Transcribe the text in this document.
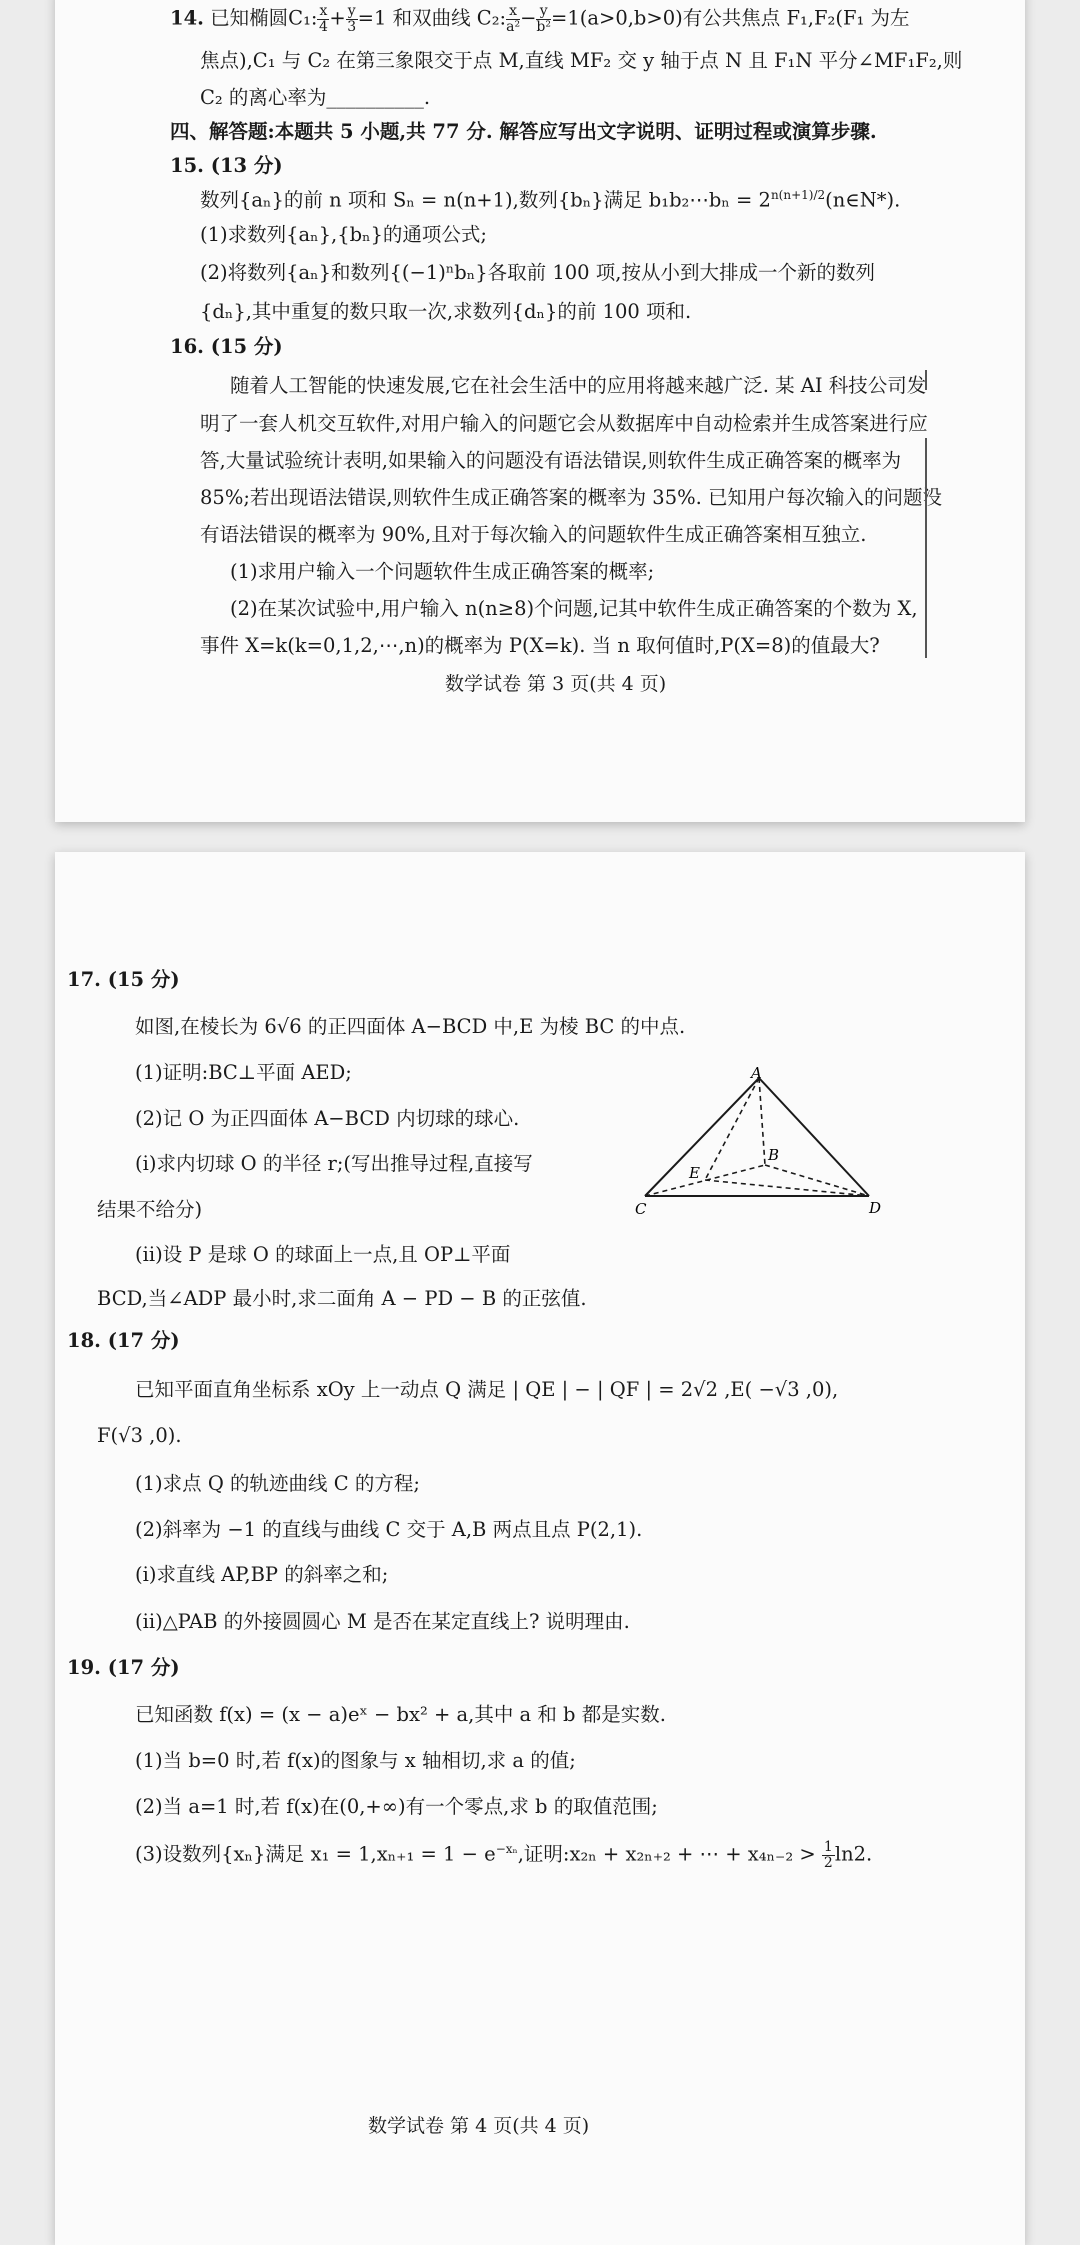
14. 已知椭圆C₁: $\frac{x}{4} + \frac{y}{3} =1$ 和双曲线 C₂: $\frac{x}{\text{a²}} - \frac{y}{\text{b²}} =1(a>0,b>0)$有公共焦点 F₁,F₂(F₁ 为左
焦点),C₁ 与 C₂ 在第三象限交于点 M,直线 MF₂ 交 y 轴于点 N 且 F₁N 平分∠MF₁F₂,则
C₂ 的离心率为__________.
四、解答题:本题共 5 小题,共 77 分. 解答应写出文字说明、证明过程或演算步骤.
15. (13 分)
数列{aₙ}的前 n 项和 Sₙ = n(n+1),数列{bₙ}满足 b₁b₂⋯bₙ = $2^{n(n+1)/2}(n\in N*)$.
(1)求数列{aₙ},{bₙ}的通项公式;
(2)将数列{aₙ}和数列{(−1)ⁿbₙ}各取前 100 项,按从小到大排成一个新的数列
{dₙ},其中重复的数只取一次,求数列{dₙ}的前 100 项和.
16. (15 分)
随着人工智能的快速发展,它在社会生活中的应用将越来越广泛. 某 AI 科技公司发
明了一套人机交互软件,对用户输入的问题它会从数据库中自动检索并生成答案进行应
答,大量试验统计表明,如果输入的问题没有语法错误,则软件生成正确答案的概率为
85%;若出现语法错误,则软件生成正确答案的概率为 35%. 已知用户每次输入的问题没
有语法错误的概率为 90%,且对于每次输入的问题软件生成正确答案相互独立.
(1)求用户输入一个问题软件生成正确答案的概率;
(2)在某次试验中,用户输入 n(n≥8)个问题,记其中软件生成正确答案的个数为 X,
事件 X=k(k=0,1,2,⋯,n)的概率为 P(X=k). 当 n 取何值时,P(X=8)的值最大?
数学试卷 第 3 页(共 4 页)
17. (15 分)
如图,在棱长为 6√6 的正四面体 A−BCD 中,E 为棱 BC 的中点.
(1)证明:BC⊥平面 AED;
(2)记 O 为正四面体 A−BCD 内切球的球心.
(i)求内切球 O 的半径 r;(写出推导过程,直接写
结果不给分)
(ii)设 P 是球 O 的球面上一点,且 OP⊥平面
BCD,当∠ADP 最小时,求二面角 A − PD − B 的正弦值.
A
B
C	D
E
18. (17 分)
已知平面直角坐标系 xOy 上一动点 Q 满足 | QE | − | QF | = 2√2 ,E( −√3 ,0),
F(√3 ,0).
(1)求点 Q 的轨迹曲线 C 的方程;
(2)斜率为 −1 的直线与曲线 C 交于 A,B 两点且点 P(2,1).
(i)求直线 AP,BP 的斜率之和;
(ii)△PAB 的外接圆圆心 M 是否在某定直线上? 说明理由.
19. (17 分)
已知函数 f(x) = (x − a)eˣ − bx² + a,其中 a 和 b 都是实数.
(1)当 b=0 时,若 f(x)的图象与 x 轴相切,求 a 的值;
(2)当 a=1 时,若 f(x)在(0,+∞)有一个零点,求 b 的取值范围;
(3)设数列{xₙ}满足 $x_1 = 1,x_{n+1} = 1 - e^{-x_n}$,证明:x₂ₙ + x₂ₙ₊₂ + ⋯ + $x_{4n-2} > \frac{1}{2} \ln 2$.
数学试卷 第 4 页(共 4 页)
